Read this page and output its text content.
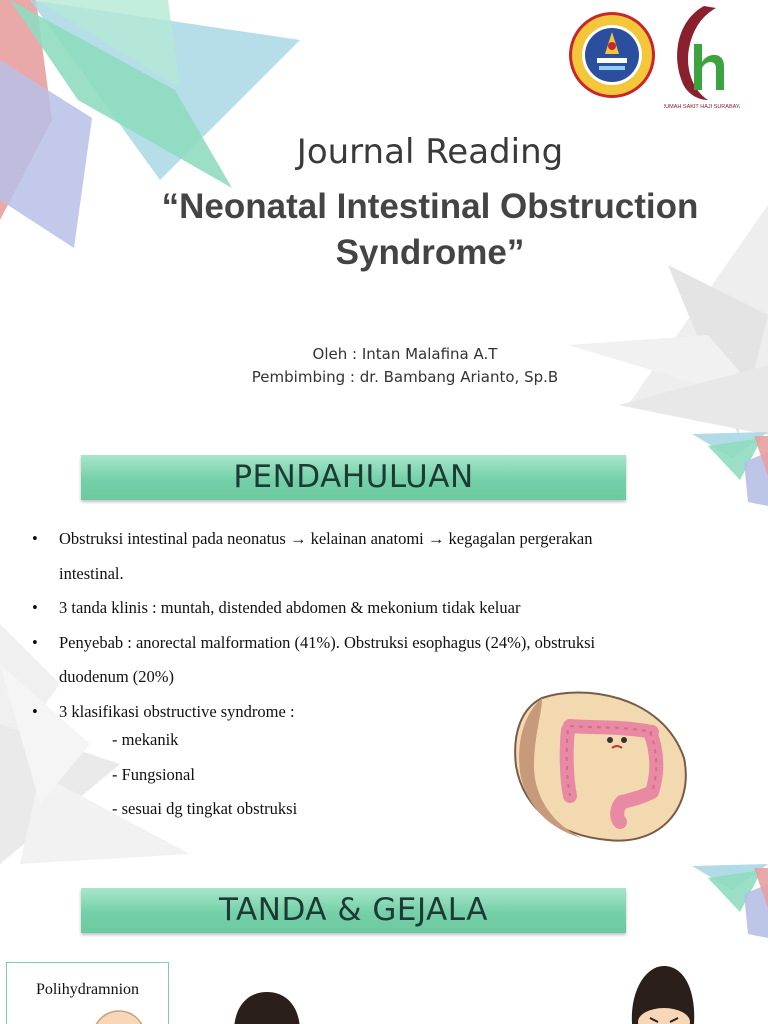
RUMAH SAKIT HAJI SURABAYA
Journal Reading
“Neonatal Intestinal Obstruction
Syndrome”
Oleh : Intan Malafina A.T
Pembimbing : dr. Bambang Arianto, Sp.B
PENDAHULUAN
• Obstruksi intestinal pada neonatus → kelainan anatomi → kegagalan pergerakan
intestinal.
• 3 tanda klinis : muntah, distended abdomen & mekonium tidak keluar
• Penyebab : anorectal malformation (41%). Obstruksi esophagus (24%), obstruksi
duodenum (20%)
• 3 klasifikasi obstructive syndrome :
- mekanik
- Fungsional
- sesuai dg tingkat obstruksi
TANDA & GEJALA
Polihydramnion
